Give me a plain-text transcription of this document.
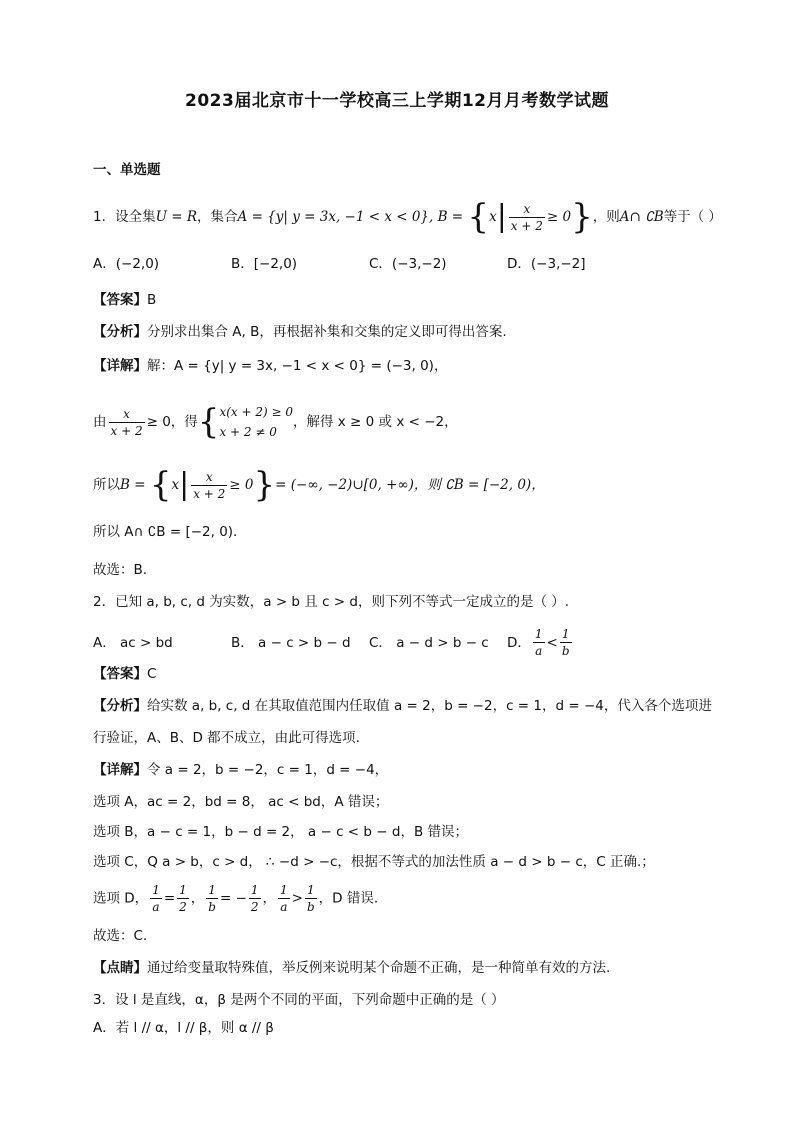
2023届北京市十一学校高三上学期12月月考数学试题
一、单选题
1．设全集U = R，集合A = {y| y = 3x, −1 < x < 0}, $B = \{x| \frac{x}{x + 2} \ge 0\}$，则A∩ ∁B等于（ ）
A．(−2,0)	B．[−2,0)	C．(−3,−2)	D．(−3,−2]
【答案】B
【分析】分别求出集合 A, B，再根据补集和交集的定义即可得出答案.
【详解】解：A = {y| y = 3x, −1 < x < 0} = (−3, 0)，
由 $\frac{x}{x + 2} \ge 0$，得{ x(x + 2) ≥ 0
x + 2 ≠ 0
，解得 x ≥ 0 或 x < −2，
所以$B = \{x| \frac{x}{x + 2} \ge 0\}=$ (−∞, −2)∪[0, +∞)，则 ∁B = [−2, 0)，
所以 A∩ ∁B = [−2, 0).
故选：B.
2．已知 a, b, c, d 为实数，a > b 且 c > d，则下列不等式一定成立的是（ ）.
A． ac > bd	B． a − c > b − d C． a − d > b − c D． $\frac{1}{a} < \frac{1}{b}$
【答案】C
【分析】给实数 a, b, c, d 在其取值范围内任取值 a = 2，b = −2，c = 1，d = −4，代入各个选项进
行验证，A、B、D 都不成立，由此可得选项.
【详解】令 a = 2，b = −2，c = 1，d = −4，
选项 A，ac = 2，bd = 8， ac < bd，A 错误；
选项 B，a − c = 1，b − d = 2， a − c < b − d，B 错误；
选项 C，Q a > b，c > d， ∴ −d > −c，根据不等式的加法性质 a − d > b − c，C 正确.；
选项 D， $\frac{1}{a} = \frac{1}{2}$ ， $\frac{1}{b}$ = − $\frac{1}{2}$ ， $\frac{1}{a} > \frac{1}{b}$ ，D 错误.
故选：C.
【点睛】通过给变量取特殊值，举反例来说明某个命题不正确，是一种简单有效的方法.
3．设 l 是直线，α，β 是两个不同的平面，下列命题中正确的是（ ）
A．若 l // α，l // β，则 α // β
